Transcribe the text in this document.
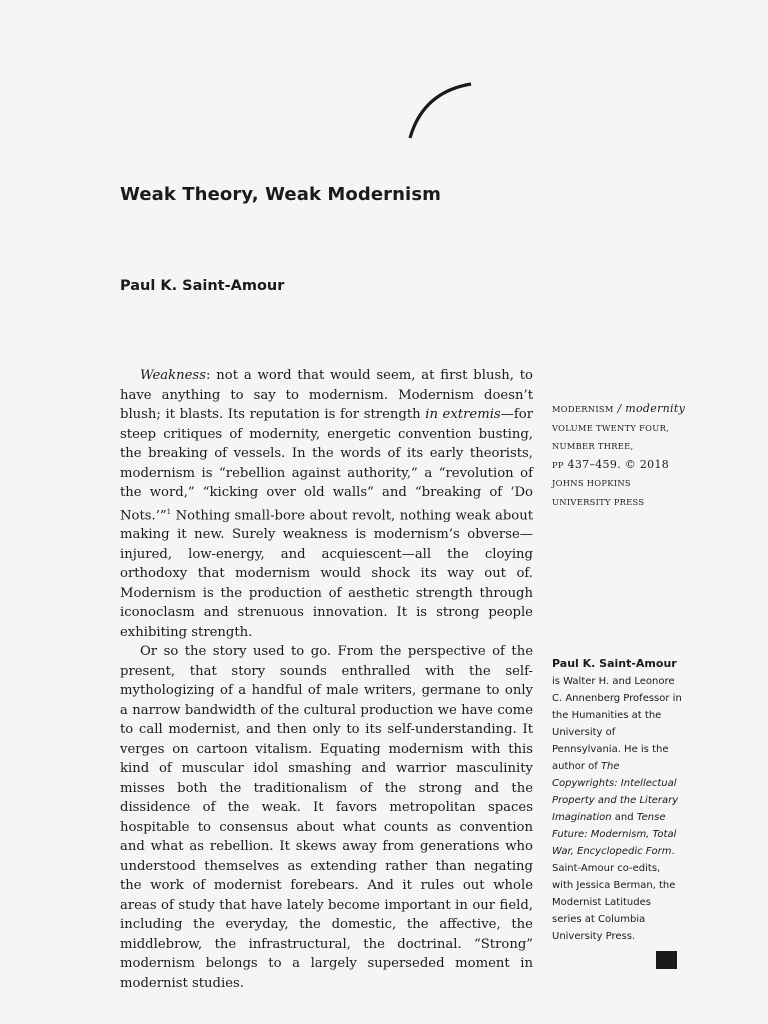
Weak Theory, Weak Modernism
Paul K. Saint-Amour

Weakness: not a word that would seem, at first blush, to have anything to say to modernism. Modernism doesn’t blush; it blasts. Its reputation is for strength in extremis—for steep critiques of modernity, energetic convention busting, the breaking of vessels. In the words of its early theorists, modernism is “rebellion against authority,” a “revolution of the word,” “kicking over old walls” and “breaking of ‘Do Nots.’”$^1$ Nothing small-bore about revolt, nothing weak about making it new. Surely weakness is modernism’s obverse—injured, low-energy, and acquiescent—all the cloying orthodoxy that modernism would shock its way out of. Modernism is the production of aesthetic strength through iconoclasm and strenuous innovation. It is strong people exhibiting strength.

Or so the story used to go. From the perspective of the present, that story sounds enthralled with the self-mythologizing of a handful of male writers, germane to only a narrow bandwidth of the cultural production we have come to call modernist, and then only to its self-understanding. It verges on cartoon vitalism. Equating modernism with this kind of muscular idol smashing and warrior masculinity misses both the traditionalism of the strong and the dissidence of the weak. It favors metropolitan spaces hospitable to consensus about what counts as convention and what as rebellion. It skews away from generations who understood themselves as extending rather than negating the work of modernist forebears. And it rules out whole areas of study that have lately become important in our field, including the everyday, the domestic, the affective, the middlebrow, the infrastructural, the doctrinal. “Strong” modernism belongs to a largely superseded moment in modernist studies.

MODERNISM / modernity
VOLUME TWENTY FOUR,
NUMBER THREE,
PP 437–459. © 2018
JOHNS HOPKINS
UNIVERSITY PRESS
Paul K. Saint-Amour is Walter H. and Leonore C. Annenberg Professor in the Humanities at the University of Pennsylvania. He is the author of The Copywrights: Intellectual Property and the Literary Imagination and Tense Future: Modernism, Total War, Encyclopedic Form. Saint-Amour co-edits, with Jessica Berman, the Modernist Latitudes series at Columbia University Press.
